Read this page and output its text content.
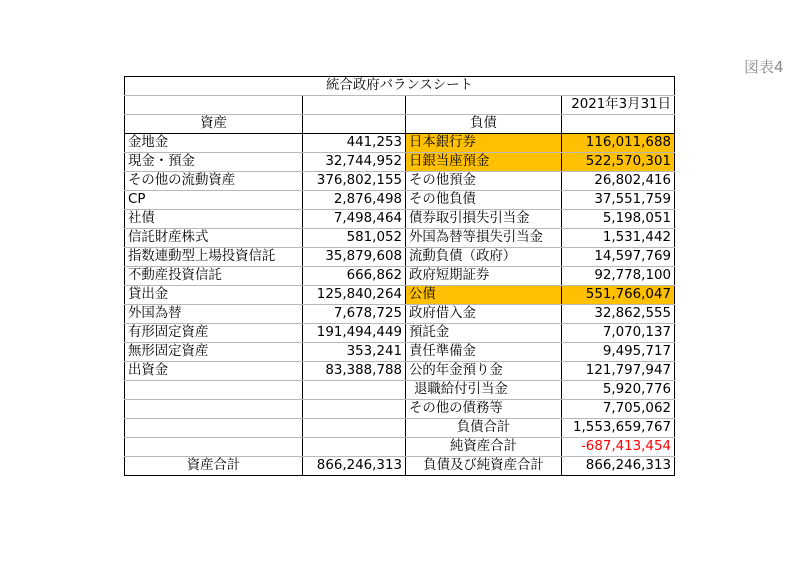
図表4
統合政府バランスシート			
			2021年3月31日
資産		負債	
金地金	441,253	日本銀行券	116,011,688
現金・預金	32,744,952	日銀当座預金	522,570,301
その他の流動資産	376,802,155	その他預金	26,802,416
CP	2,876,498	その他負債	37,551,759
社債	7,498,464	債券取引損失引当金	5,198,051
信託財産株式	581,052	外国為替等損失引当金	1,531,442
指数連動型上場投資信託	35,879,608	流動負債（政府）	14,597,769
不動産投資信託	666,862	政府短期証券	92,778,100
貸出金	125,840,264	公債	551,766,047
外国為替	7,678,725	政府借入金	32,862,555
有形固定資産	191,494,449	預託金	7,070,137
無形固定資産	353,241	責任準備金	9,495,717
出資金	83,388,788	公的年金預り金	121,797,947
		退職給付引当金	5,920,776
		その他の債務等	7,705,062
		負債合計	1,553,659,767
		純資産合計	-687,413,454
資産合計	866,246,313	負債及び純資産合計	866,246,313
